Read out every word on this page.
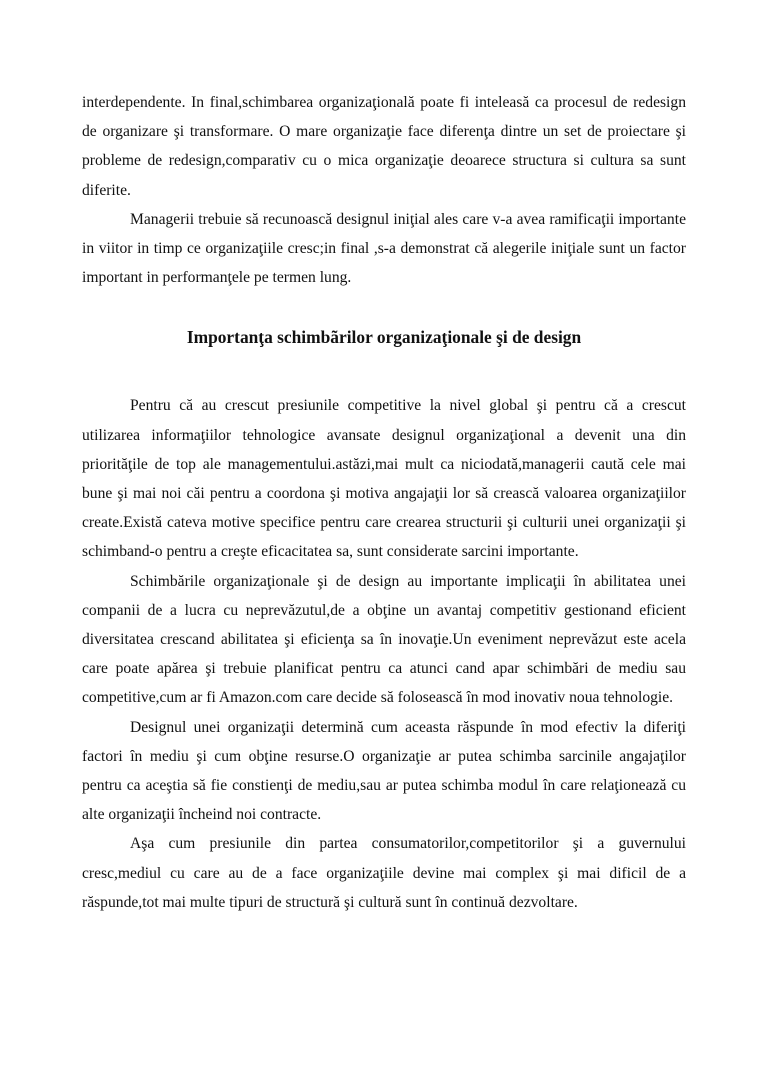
interdependente. In final,schimbarea organizaţională poate fi inteleasă ca procesul de redesign de organizare şi transformare. O mare organizaţie face diferenţa dintre un set de proiectare şi probleme de redesign,comparativ cu o mica organizaţie deoarece structura si cultura sa sunt diferite.

Managerii trebuie să recunoască designul iniţial ales care v-a avea ramificaţii importante in viitor in timp ce organizaţiile cresc;in final ,s-a demonstrat că alegerile iniţiale sunt un factor important in performanţele pe termen lung.

Importanţa schimbãrilor organizaţionale şi de design

Pentru că au crescut presiunile competitive la nivel global şi pentru că a crescut utilizarea informaţiilor tehnologice avansate designul organizaţional a devenit una din priorităţile de top ale managementului.astăzi,mai mult ca niciodată,managerii caută cele mai bune şi mai noi căi pentru a coordona şi motiva angajaţii lor să crească valoarea organizaţiilor create.Există cateva motive specifice pentru care crearea structurii şi culturii unei organizaţii şi schimband-o pentru a creşte eficacitatea sa, sunt considerate sarcini importante.

Schimbările organizaţionale şi de design au importante implicaţii în abilitatea unei companii de a lucra cu neprevăzutul,de a obţine un avantaj competitiv gestionand eficient diversitatea crescand abilitatea şi eficienţa sa în inovaţie.Un eveniment neprevăzut este acela care poate apărea şi trebuie planificat pentru ca atunci cand apar schimbări de mediu sau competitive,cum ar fi Amazon.com care decide să folosească în mod inovativ noua tehnologie.

Designul unei organizaţii determină cum aceasta răspunde în mod efectiv la diferiţi factori în mediu şi cum obţine resurse.O organizaţie ar putea schimba sarcinile angajaţilor pentru ca aceştia să fie constienţi de mediu,sau ar putea schimba modul în care relaţionează cu alte organizaţii încheind noi contracte.

Aşa cum presiunile din partea consumatorilor,competitorilor şi a guvernului cresc,mediul cu care au de a face organizaţiile devine mai complex şi mai dificil de a răspunde,tot mai multe tipuri de structură şi cultură sunt în continuă dezvoltare.
